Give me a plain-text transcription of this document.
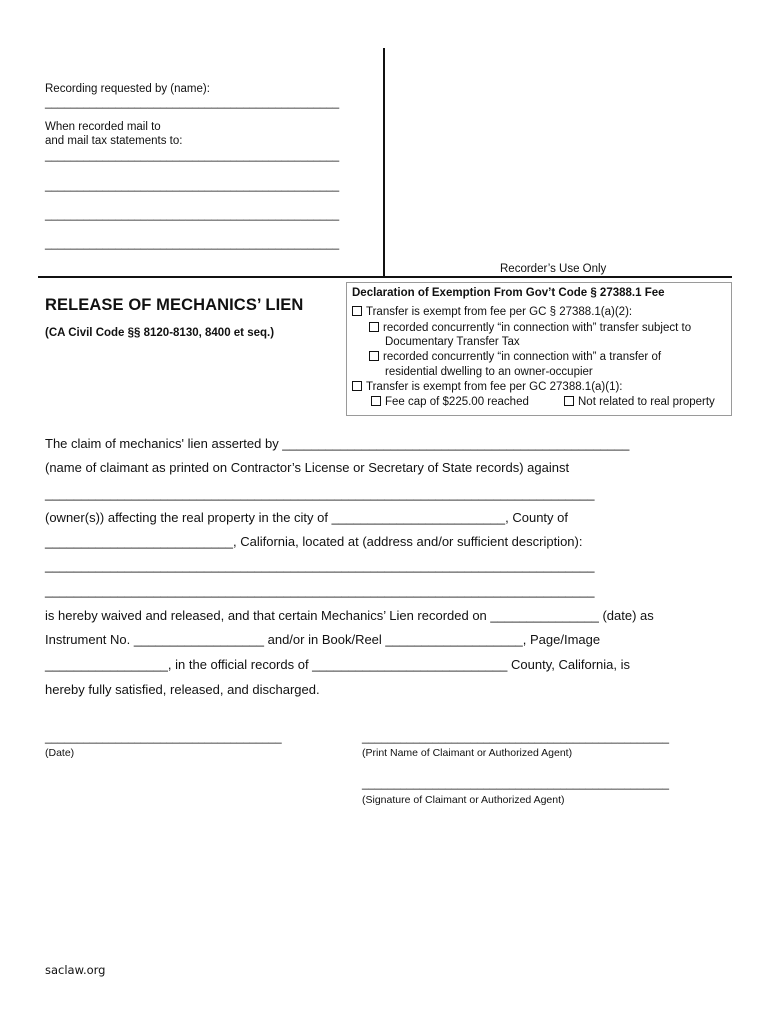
Recording requested by (name):
______________________________________________
When recorded mail to
and mail tax statements to:
______________________________________________
______________________________________________
______________________________________________
______________________________________________
Recorder’s Use Only
RELEASE OF MECHANICS’ LIEN
(CA Civil Code §§ 8120-8130, 8400 et seq.)
Declaration of Exemption From Gov’t Code § 27388.1 Fee
Transfer is exempt from fee per GC § 27388.1(a)(2):
recorded concurrently “in connection with” transfer subject to
Documentary Transfer Tax
recorded concurrently “in connection with” a transfer of
residential dwelling to an owner-occupier
Transfer is exempt from fee per GC 27388.1(a)(1):
Fee cap of $225.00 reached	Not related to real property
The claim of mechanics' lien asserted by ________________________________________________
(name of claimant as printed on Contractor’s License or Secretary of State records) against
____________________________________________________________________________
(owner(s)) affecting the real property in the city of ________________________, County of
__________________________, California, located at (address and/or sufficient description):
____________________________________________________________________________
____________________________________________________________________________
is hereby waived and released, and that certain Mechanics’ Lien recorded on _______________ (date) as
Instrument No. __________________ and/or in Book/Reel ___________________, Page/Image
_________________, in the official records of ___________________________ County, California, is
hereby fully satisfied, released, and discharged.
_____________________________________
(Date)
________________________________________________
(Print Name of Claimant or Authorized Agent)
________________________________________________
(Signature of Claimant or Authorized Agent)
saclaw.org
